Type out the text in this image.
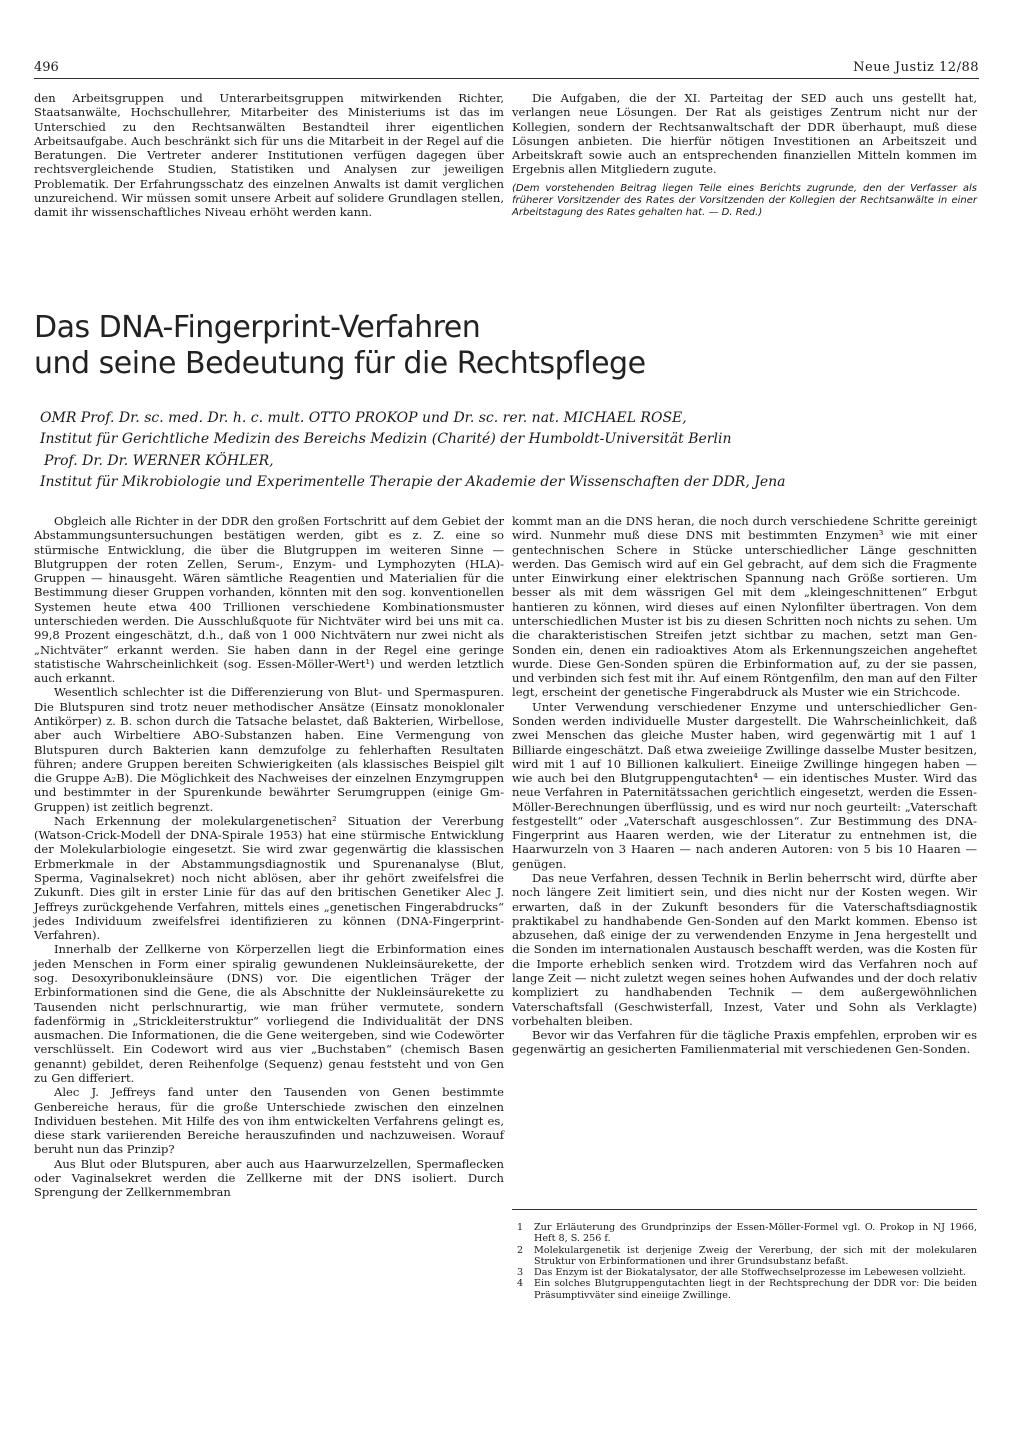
496	Neue Justiz 12/88

den Arbeitsgruppen und Unterarbeitsgruppen mitwirkenden Richter, Staatsanwälte, Hochschullehrer, Mitarbeiter des Ministeriums ist das im Unterschied zu den Rechtsanwälten Bestandteil ihrer eigentlichen Arbeitsaufgabe. Auch beschränkt sich für uns die Mitarbeit in der Regel auf die Beratungen. Die Vertreter anderer Institutionen verfügen dagegen über rechtsvergleichende Studien, Statistiken und Analysen zur jeweiligen Problematik. Der Erfahrungsschatz des einzelnen Anwalts ist damit verglichen unzureichend. Wir müssen somit unsere Arbeit auf solidere Grundlagen stellen, damit ihr wissenschaftliches Niveau erhöht werden kann.

Die Aufgaben, die der XI. Parteitag der SED auch uns gestellt hat, verlangen neue Lösungen. Der Rat als geistiges Zentrum nicht nur der Kollegien, sondern der Rechtsanwaltschaft der DDR überhaupt, muß diese Lösungen anbieten. Die hierfür nötigen Investitionen an Arbeitszeit und Arbeitskraft sowie auch an entsprechenden finanziellen Mitteln kommen im Ergebnis allen Mitgliedern zugute.

(Dem vorstehenden Beitrag liegen Teile eines Berichts zugrunde, den der Verfasser als früherer Vorsitzender des Rates der Vorsitzenden der Kollegien der Rechtsanwälte in einer Arbeitstagung des Rates gehalten hat. — D. Red.)

Das DNA-Fingerprint-Verfahren
und seine Bedeutung für die Rechtspflege
OMR Prof. Dr. sc. med. Dr. h. c. mult. OTTO PROKOP und Dr. sc. rer. nat. MICHAEL ROSE,
Institut für Gerichtliche Medizin des Bereichs Medizin (Charité) der Humboldt-Universität Berlin
Prof. Dr. Dr. WERNER KÖHLER,
Institut für Mikrobiologie und Experimentelle Therapie der Akademie der Wissenschaften der DDR, Jena

Obgleich alle Richter in der DDR den großen Fortschritt auf dem Gebiet der Abstammungsuntersuchungen bestätigen werden, gibt es z. Z. eine so stürmische Entwicklung, die über die Blutgruppen im weiteren Sinne — Blutgruppen der roten Zellen, Serum-, Enzym- und Lymphozyten (HLA)-Gruppen — hinausgeht. Wären sämtliche Reagentien und Materialien für die Bestimmung dieser Gruppen vorhanden, könnten mit den sog. konventionellen Systemen heute etwa 400 Trillionen verschiedene Kombinationsmuster unterschieden werden. Die Ausschlußquote für Nichtväter wird bei uns mit ca. 99,8 Prozent eingeschätzt, d.h., daß von 1 000 Nichtvätern nur zwei nicht als „Nichtväter“ erkannt werden. Sie haben dann in der Regel eine geringe statistische Wahrscheinlichkeit (sog. Essen-Möller-Wert¹) und werden letztlich auch erkannt.

Wesentlich schlechter ist die Differenzierung von Blut- und Spermaspuren. Die Blutspuren sind trotz neuer methodischer Ansätze (Einsatz monoklonaler Antikörper) z. B. schon durch die Tatsache belastet, daß Bakterien, Wirbellose, aber auch Wirbeltiere ABO-Substanzen haben. Eine Vermengung von Blutspuren durch Bakterien kann demzufolge zu fehlerhaften Resultaten führen; andere Gruppen bereiten Schwierigkeiten (als klassisches Beispiel gilt die Gruppe A₂B). Die Möglichkeit des Nachweises der einzelnen Enzymgruppen und bestimmter in der Spurenkunde bewährter Serumgruppen (einige Gm-Gruppen) ist zeitlich begrenzt.

Nach Erkennung der molekulargenetischen² Situation der Vererbung (Watson-Crick-Modell der DNA-Spirale 1953) hat eine stürmische Entwicklung der Molekularbiologie eingesetzt. Sie wird zwar gegenwärtig die klassischen Erbmerkmale in der Abstammungsdiagnostik und Spurenanalyse (Blut, Sperma, Vaginalsekret) noch nicht ablösen, aber ihr gehört zweifelsfrei die Zukunft. Dies gilt in erster Linie für das auf den britischen Genetiker Alec J. Jeffreys zurückgehende Verfahren, mittels eines „genetischen Fingerabdrucks“ jedes Individuum zweifelsfrei identifizieren zu können (DNA-Fingerprint-Verfahren).

Innerhalb der Zellkerne von Körperzellen liegt die Erbinformation eines jeden Menschen in Form einer spiralig gewundenen Nukleinsäurekette, der sog. Desoxyribonukleinsäure (DNS) vor. Die eigentlichen Träger der Erbinformationen sind die Gene, die als Abschnitte der Nukleinsäurekette zu Tausenden nicht perlschnurartig, wie man früher vermutete, sondern fadenförmig in „Strickleiterstruktur“ vorliegend die Individualität der DNS ausmachen. Die Informationen, die die Gene weitergeben, sind wie Codewörter verschlüsselt. Ein Codewort wird aus vier „Buchstaben“ (chemisch Basen genannt) gebildet, deren Reihenfolge (Sequenz) genau feststeht und von Gen zu Gen differiert.

Alec J. Jeffreys fand unter den Tausenden von Genen bestimmte Genbereiche heraus, für die große Unterschiede zwischen den einzelnen Individuen bestehen. Mit Hilfe des von ihm entwickelten Verfahrens gelingt es, diese stark variierenden Bereiche herauszufinden und nachzuweisen. Worauf beruht nun das Prinzip?

Aus Blut oder Blutspuren, aber auch aus Haarwurzelzellen, Spermaflecken oder Vaginalsekret werden die Zellkerne mit der DNS isoliert. Durch Sprengung der Zellkernmembran

kommt man an die DNS heran, die noch durch verschiedene Schritte gereinigt wird. Nunmehr muß diese DNS mit bestimmten Enzymen³ wie mit einer gentechnischen Schere in Stücke unterschiedlicher Länge geschnitten werden. Das Gemisch wird auf ein Gel gebracht, auf dem sich die Fragmente unter Einwirkung einer elektrischen Spannung nach Größe sortieren. Um besser als mit dem wässrigen Gel mit dem „kleingeschnittenen“ Erbgut hantieren zu können, wird dieses auf einen Nylonfilter übertragen. Von dem unterschiedlichen Muster ist bis zu diesen Schritten noch nichts zu sehen. Um die charakteristischen Streifen jetzt sichtbar zu machen, setzt man Gen-Sonden ein, denen ein radioaktives Atom als Erkennungszeichen angeheftet wurde. Diese Gen-Sonden spüren die Erbinformation auf, zu der sie passen, und verbinden sich fest mit ihr. Auf einem Röntgenfilm, den man auf den Filter legt, erscheint der genetische Fingerabdruck als Muster wie ein Strichcode.

Unter Verwendung verschiedener Enzyme und unterschiedlicher Gen-Sonden werden individuelle Muster dargestellt. Die Wahrscheinlichkeit, daß zwei Menschen das gleiche Muster haben, wird gegenwärtig mit 1 auf 1 Billiarde eingeschätzt. Daß etwa zweieiige Zwillinge dasselbe Muster besitzen, wird mit 1 auf 10 Billionen kalkuliert. Eineiige Zwillinge hingegen haben — wie auch bei den Blutgruppengutachten⁴ — ein identisches Muster. Wird das neue Verfahren in Paternitätssachen gerichtlich eingesetzt, werden die Essen-Möller-Berechnungen überflüssig, und es wird nur noch geurteilt: „Vaterschaft festgestellt“ oder „Vaterschaft ausgeschlossen“. Zur Bestimmung des DNA-Fingerprint aus Haaren werden, wie der Literatur zu entnehmen ist, die Haarwurzeln von 3 Haaren — nach anderen Autoren: von 5 bis 10 Haaren — genügen.

Das neue Verfahren, dessen Technik in Berlin beherrscht wird, dürfte aber noch längere Zeit limitiert sein, und dies nicht nur der Kosten wegen. Wir erwarten, daß in der Zukunft besonders für die Vaterschaftsdiagnostik praktikabel zu handhabende Gen-Sonden auf den Markt kommen. Ebenso ist abzusehen, daß einige der zu verwendenden Enzyme in Jena hergestellt und die Sonden im internationalen Austausch beschafft werden, was die Kosten für die Importe erheblich senken wird. Trotzdem wird das Verfahren noch auf lange Zeit — nicht zuletzt wegen seines hohen Aufwandes und der doch relativ kompliziert zu handhabenden Technik — dem außergewöhnlichen Vaterschaftsfall (Geschwisterfall, Inzest, Vater und Sohn als Verklagte) vorbehalten bleiben.

Bevor wir das Verfahren für die tägliche Praxis empfehlen, erproben wir es gegenwärtig an gesicherten Familienmaterial mit verschiedenen Gen-Sonden.

1 Zur Erläuterung des Grundprinzips der Essen-Möller-Formel vgl. O. Prokop in NJ 1966, Heft 8, S. 256 f.
2 Molekulargenetik ist derjenige Zweig der Vererbung, der sich mit der molekularen Struktur von Erbinformationen und ihrer Grundsubstanz befaßt.
3 Das Enzym ist der Biokatalysator, der alle Stoffwechselprozesse im Lebewesen vollzieht.
4 Ein solches Blutgruppengutachten liegt in der Rechtsprechung der DDR vor: Die beiden Präsumptivväter sind eineiige Zwillinge.
